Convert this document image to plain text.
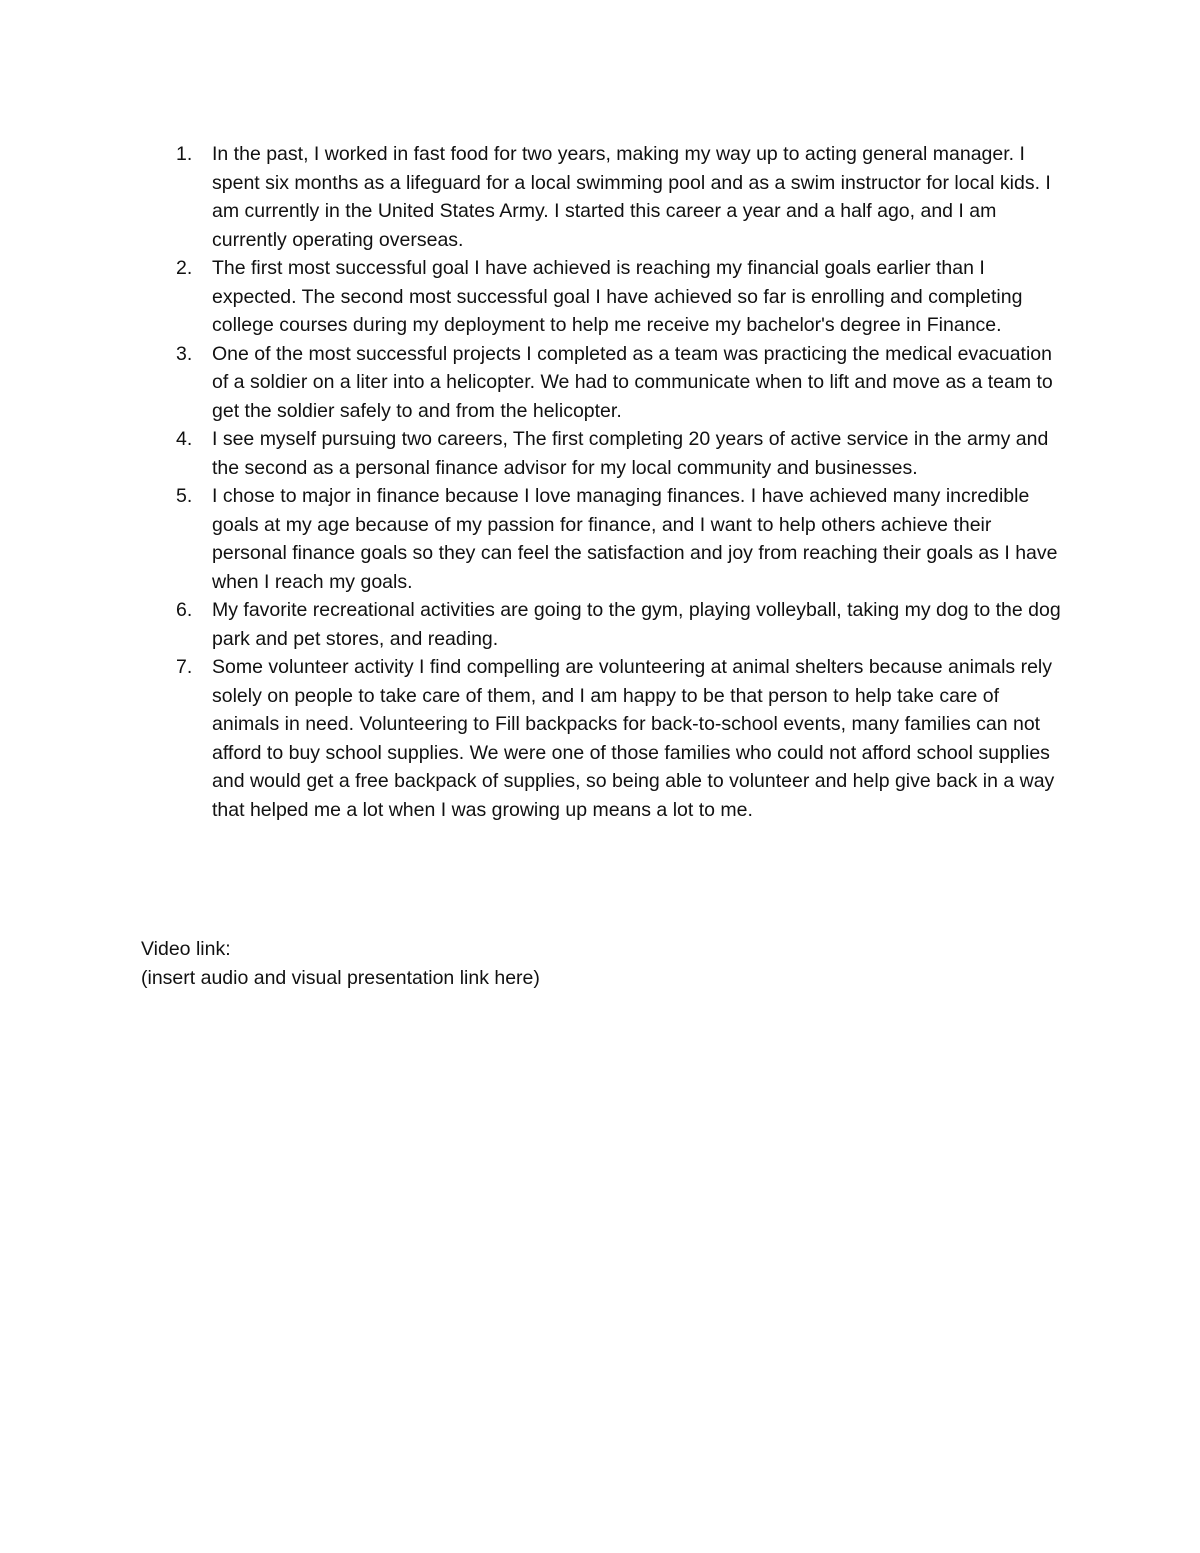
1.	In the past, I worked in fast food for two years, making my way up to acting general manager. I spent six months as a lifeguard for a local swimming pool and as a swim instructor for local kids. I am currently in the United States Army. I started this career a year and a half ago, and I am currently operating overseas.
2.	The first most successful goal I have achieved is reaching my financial goals earlier than I expected. The second most successful goal I have achieved so far is enrolling and completing college courses during my deployment to help me receive my bachelor's degree in Finance.
3.	One of the most successful projects I completed as a team was practicing the medical evacuation of a soldier on a liter into a helicopter. We had to communicate when to lift and move as a team to get the soldier safely to and from the helicopter.
4.	I see myself pursuing two careers, The first completing 20 years of active service in the army and the second as a personal finance advisor for my local community and businesses.
5.	I chose to major in finance because I love managing finances. I have achieved many incredible goals at my age because of my passion for finance, and I want to help others achieve their personal finance goals so they can feel the satisfaction and joy from reaching their goals as I have when I reach my goals.
6.	My favorite recreational activities are going to the gym, playing volleyball, taking my dog to the dog park and pet stores, and reading.
7.	Some volunteer activity I find compelling are volunteering at animal shelters because animals rely solely on people to take care of them, and I am happy to be that person to help take care of animals in need. Volunteering to Fill backpacks for back-to-school events, many families can not afford to buy school supplies. We were one of those families who could not afford school supplies and would get a free backpack of supplies, so being able to volunteer and help give back in a way that helped me a lot when I was growing up means a lot to me.
Video link:
(insert audio and visual presentation link here)
